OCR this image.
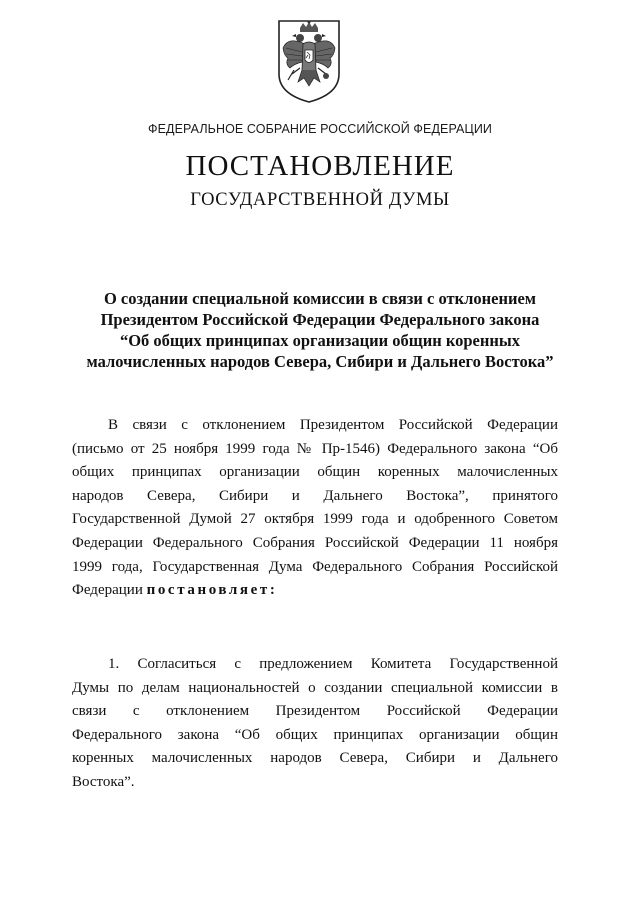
ФЕДЕРАЛЬНОЕ СОБРАНИЕ РОССИЙСКОЙ ФЕДЕРАЦИИ
ПОСТАНОВЛЕНИЕ
ГОСУДАРСТВЕННОЙ ДУМЫ
О создании специальной комиссии в связи с отклонением
Президентом Российской Федерации Федерального закона
“Об общих принципах организации общин коренных
малочисленных народов Севера, Сибири и Дальнего Востока”
В связи с отклонением Президентом Российской Федерации
(письмо от 25 ноября 1999 года № Пр-1546) Федерального закона “Об
общих принципах организации общин коренных малочисленных
народов Севера, Сибири и Дальнего Востока”, принятого
Государственной Думой 27 октября 1999 года и одобренного Советом
Федерации Федерального Собрания Российской Федерации 11 ноября
1999 года, Государственная Дума Федерального Собрания Российской
Федерации постановляет:
1. Согласиться с предложением Комитета Государственной
Думы по делам национальностей о создании специальной комиссии в
связи с отклонением Президентом Российской Федерации
Федерального закона “Об общих принципах организации общин
коренных малочисленных народов Севера, Сибири и Дальнего
Востока”.
